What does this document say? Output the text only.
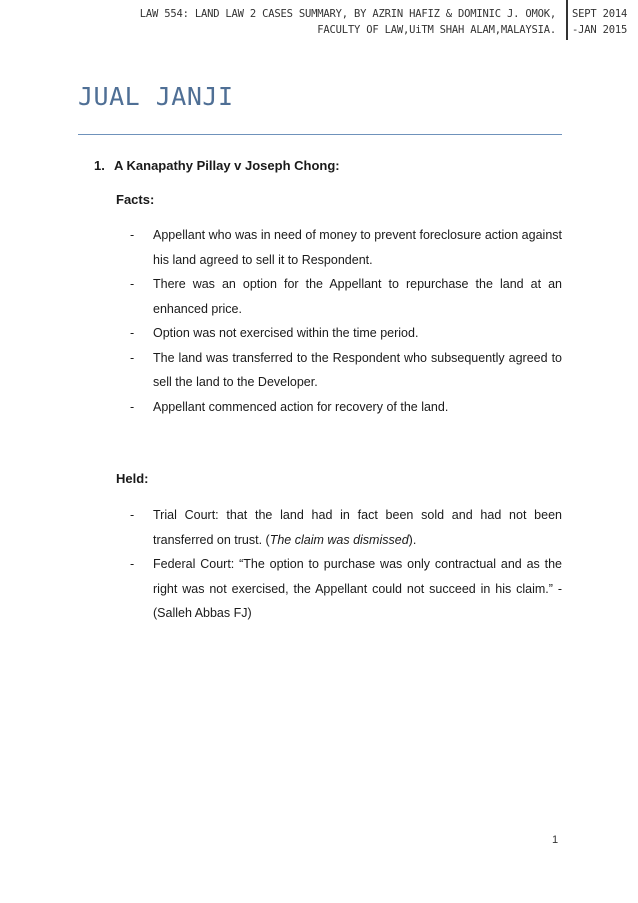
LAW 554: LAND LAW 2 CASES SUMMARY, BY AZRIN HAFIZ & DOMINIC J. OMOK,
FACULTY OF LAW,UiTM SHAH ALAM,MALAYSIA.
SEPT 2014
-JAN 2015
JUAL JANJI
1. A Kanapathy Pillay v Joseph Chong:
Facts:
- Appellant who was in need of money to prevent foreclosure action against his land agreed to sell it to Respondent.
- There was an option for the Appellant to repurchase the land at an enhanced price.
- Option was not exercised within the time period.
- The land was transferred to the Respondent who subsequently agreed to sell the land to the Developer.
- Appellant commenced action for recovery of the land.
Held:
- Trial Court: that the land had in fact been sold and had not been transferred on trust. (The claim was dismissed).
- Federal Court: “The option to purchase was only contractual and as the right was not exercised, the Appellant could not succeed in his claim.” - (Salleh Abbas FJ)
1
